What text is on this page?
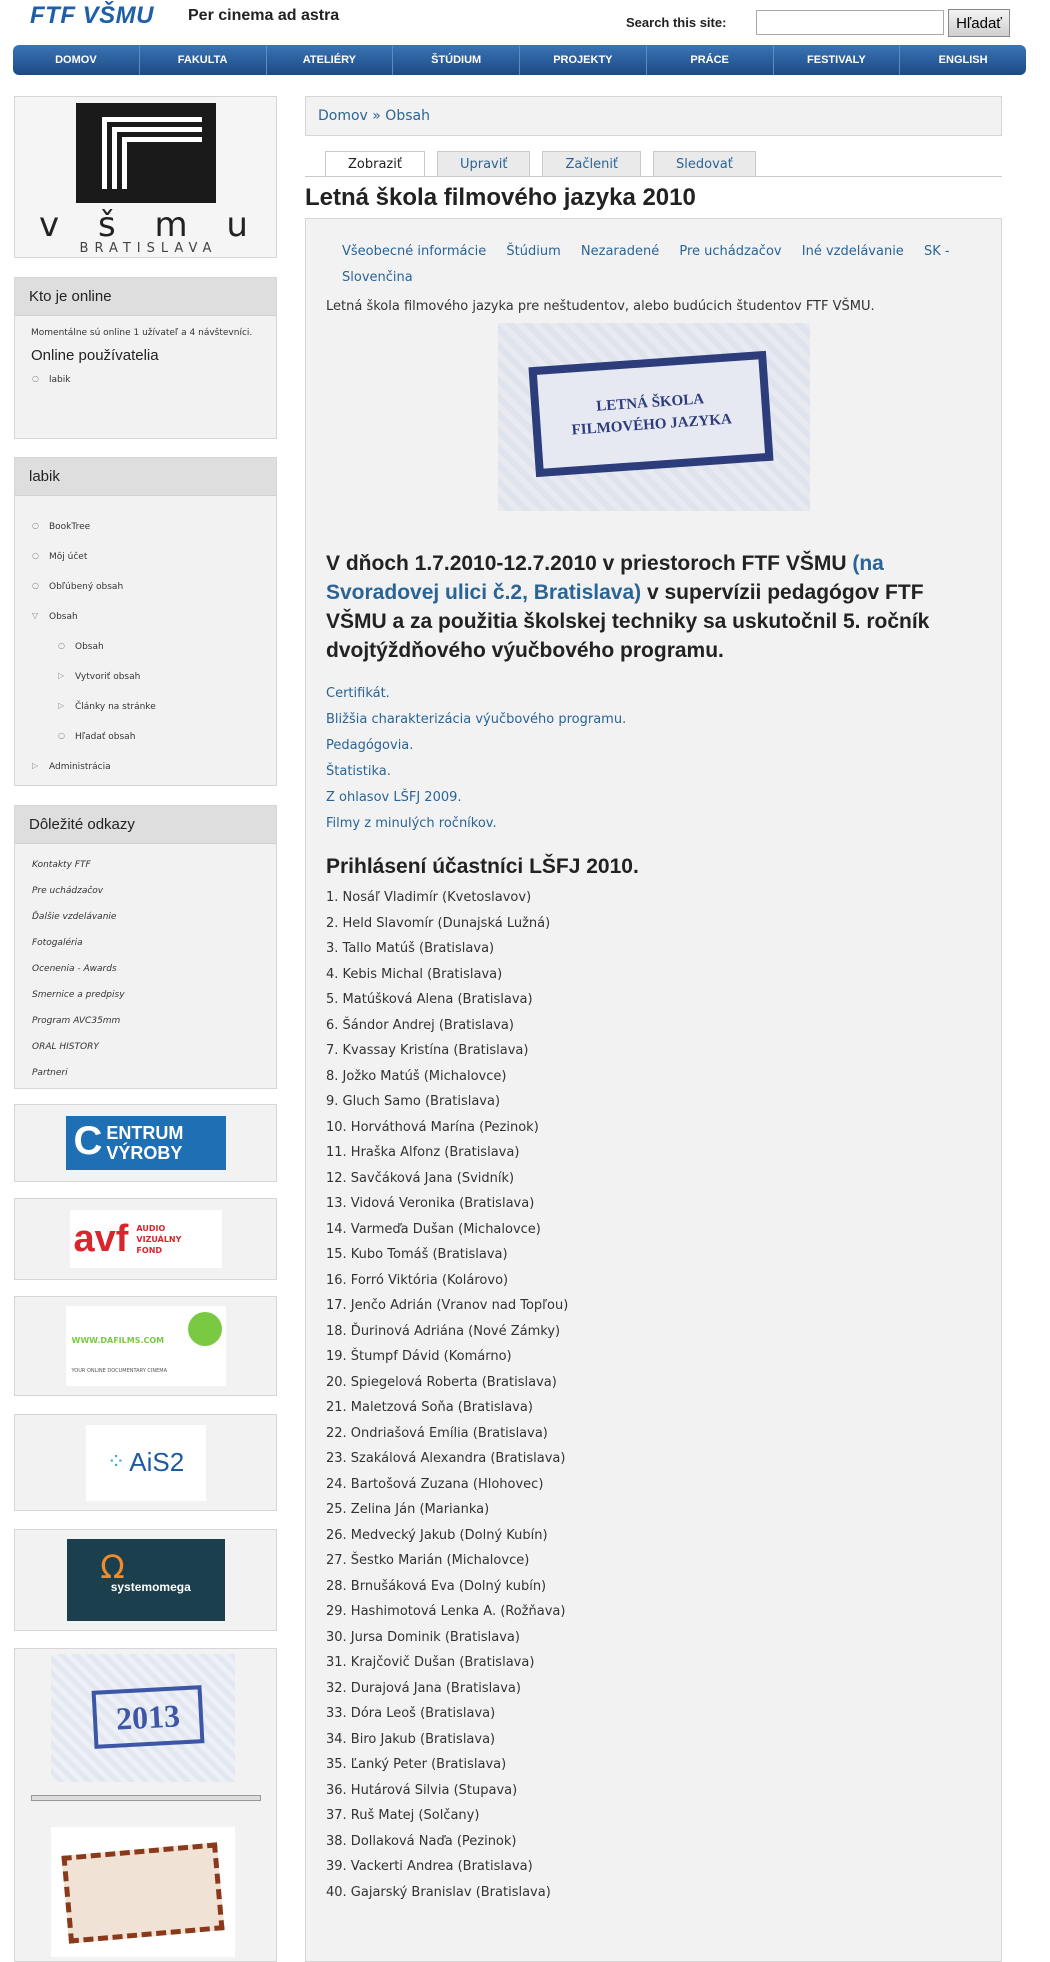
FTF VŠMU Per cinema ad astra	Search this site:	Hľadať
DOMOV	FAKULTA	ATELIÉRY	ŠTÚDIUM	PROJEKTY	PRÁCE	FESTIVALY	ENGLISH
v š m u
BRATISLAVA
Kto je online
Momentálne sú online 1 užívateľ a 4 návštevníci.
Online používatelia
○ labik
labik
○ BookTree
○ Môj účet
○ Obľúbený obsah
▽ Obsah
○ Obsah
▷ Vytvoriť obsah
▷ Články na stránke
○ Hľadať obsah
▷ Administrácia
Dôležité odkazy
Kontakty FTF
Pre uchádzačov
Ďalšie vzdelávanie
Fotogaléria
Ocenenia - Awards
Smernice a predpisy
Program AVC35mm
ORAL HISTORY
Partneri
C ENTRUM VÝROBY
avf AUDIO
VIZUÁLNY
FOND
WWW.DAFILMS.COM
YOUR ONLINE DOCUMENTARY CINEMA
⁘ AiS2
Ω
systemomega
2013
Domov » Obsah
Zobraziť	Upraviť	Začleniť	Sledovať
Letná škola filmového jazyka 2010
Všeobecné informácie Štúdium Nezaradené Pre uchádzačov Iné vzdelávanie SK - Slovenčina
Letná škola filmového jazyka pre neštudentov, alebo budúcich študentov FTF VŠMU.
LETNÁ ŠKOLA
FILMOVÉHO JAZYKA
V dňoch 1.7.2010-12.7.2010 v priestoroch FTF VŠMU (na Svoradovej ulici č.2, Bratislava) v supervízii pedagógov FTF VŠMU a za použitia školskej techniky sa uskutočnil 5. ročník dvojtýždňového výučbového programu.
Certifikát.
Bližšia charakterizácia výučbového programu.
Pedagógovia.
Štatistika.
Z ohlasov LŠFJ 2009.
Filmy z minulých ročníkov.
Prihlásení účastníci LŠFJ 2010.
1. Nosáľ Vladimír (Kvetoslavov)
2. Held Slavomír (Dunajská Lužná)
3. Tallo Matúš (Bratislava)
4. Kebis Michal (Bratislava)
5. Matúšková Alena (Bratislava)
6. Šándor Andrej (Bratislava)
7. Kvassay Kristína (Bratislava)
8. Jožko Matúš (Michalovce)
9. Gluch Samo (Bratislava)
10. Horváthová Marína (Pezinok)
11. Hraška Alfonz (Bratislava)
12. Savčáková Jana (Svidník)
13. Vidová Veronika (Bratislava)
14. Varmeďa Dušan (Michalovce)
15. Kubo Tomáš (Bratislava)
16. Forró Viktória (Kolárovo)
17. Jenčo Adrián (Vranov nad Topľou)
18. Ďurinová Adriána (Nové Zámky)
19. Štumpf Dávid (Komárno)
20. Spiegelová Roberta (Bratislava)
21. Maletzová Soňa (Bratislava)
22. Ondriašová Emília (Bratislava)
23. Szakálová Alexandra (Bratislava)
24. Bartošová Zuzana (Hlohovec)
25. Zelina Ján (Marianka)
26. Medvecký Jakub (Dolný Kubín)
27. Šestko Marián (Michalovce)
28. Brnušáková Eva (Dolný kubín)
29. Hashimotová Lenka A. (Rožňava)
30. Jursa Dominik (Bratislava)
31. Krajčovič Dušan (Bratislava)
32. Durajová Jana (Bratislava)
33. Dóra Leoš (Bratislava)
34. Biro Jakub (Bratislava)
35. Ľanký Peter (Bratislava)
36. Hutárová Silvia (Stupava)
37. Ruš Matej (Solčany)
38. Dollaková Naďa (Pezinok)
39. Vackerti Andrea (Bratislava)
40. Gajarský Branislav (Bratislava)
